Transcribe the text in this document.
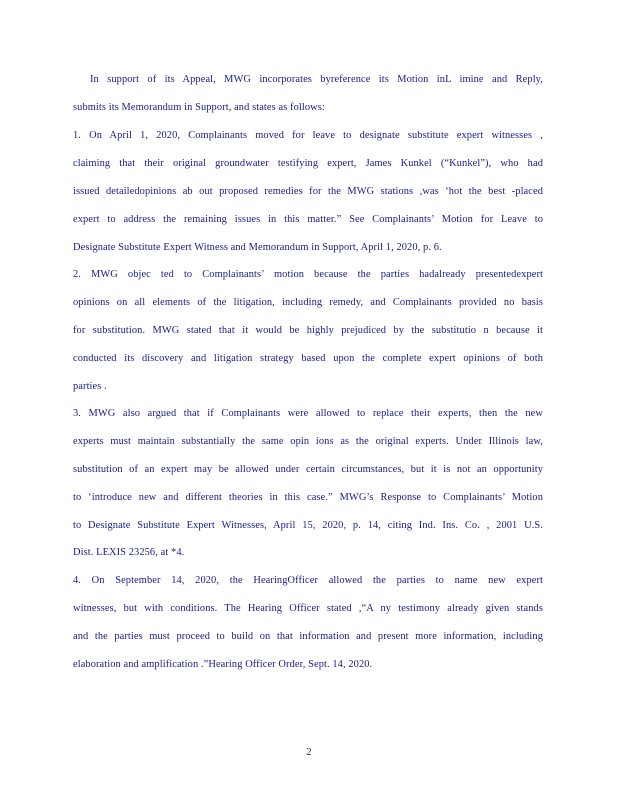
In support of its Appeal, MWG incorporates byreference its Motion inL imine and Reply,
submits its Memorandum in Support, and states as follows:
1. On April 1, 2020, Complainants moved for leave to designate substitute expert witnesses ,
claiming that their original groundwater testifying expert, James Kunkel (“Kunkel”), who had
issued detailedopinions ab out proposed remedies for the MWG stations ,was ‘hot the best -placed
expert to address the remaining issues in this matter.” See Complainants’ Motion for Leave to
Designate Substitute Expert Witness and Memorandum in Support, April 1, 2020, p. 6.
2. MWG objec ted to Complainants’ motion because the parties hadalready presentedexpert
opinions on all elements of the litigation, including remedy, and Complainants provided no basis
for substitution. MWG stated that it would be highly prejudiced by the substitutio n because it
conducted its discovery and litigation strategy based upon the complete expert opinions of both
parties .
3. MWG also argued that if Complainants were allowed to replace their experts, then the new
experts must maintain substantially the same opin ions as the original experts. Under Illinois law,
substitution of an expert may be allowed under certain circumstances, but it is not an opportunity
to ‘introduce new and different theories in this case.” MWG’s Response to Complainants’ Motion
to Designate Substitute Expert Witnesses, April 15, 2020, p. 14, citing Ind. Ins. Co. , 2001 U.S.
Dist. LEXIS 23256, at *4.
4. On September 14, 2020, the HearingOfficer allowed the parties to name new expert
witnesses, but with conditions. The Hearing Officer stated ,“A ny testimony already given stands
and the parties must proceed to build on that information and present more information, including
elaboration and amplification .”Hearing Officer Order, Sept. 14, 2020.
2
